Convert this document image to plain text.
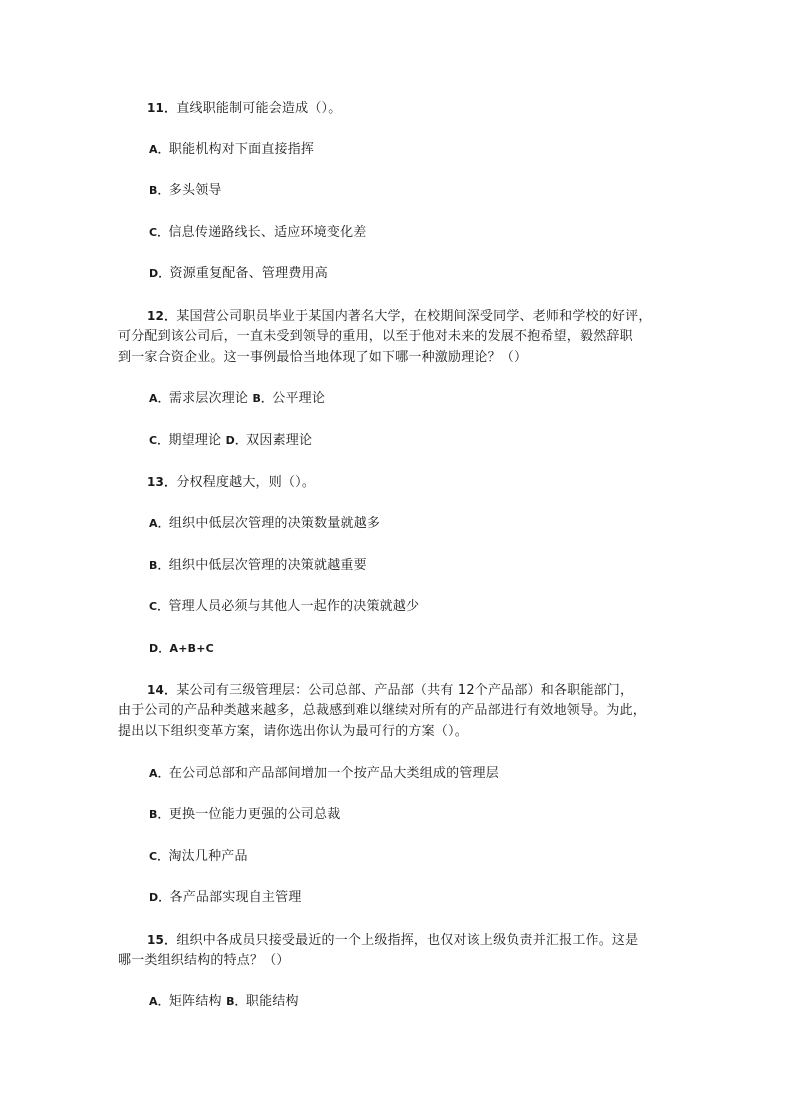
11．直线职能制可能会造成（）。
A．职能机构对下面直接指挥
B．多头领导
C．信息传递路线长、适应环境变化差
D．资源重复配备、管理费用高
12．某国营公司职员毕业于某国内著名大学，在校期间深受同学、老师和学校的好评，
可分配到该公司后，一直未受到领导的重用，以至于他对未来的发展不抱希望，毅然辞职
到一家合资企业。这一事例最恰当地体现了如下哪一种激励理论？（）
A．需求层次理论 B．公平理论
C．期望理论 D．双因素理论
13．分权程度越大，则（）。
A．组织中低层次管理的决策数量就越多
B．组织中低层次管理的决策就越重要
C．管理人员必须与其他人一起作的决策就越少
D．A+B+C
14．某公司有三级管理层：公司总部、产品部（共有 12个产品部）和各职能部门，
由于公司的产品种类越来越多，总裁感到难以继续对所有的产品部进行有效地领导。为此，
提出以下组织变革方案，请你选出你认为最可行的方案（）。
A．在公司总部和产品部间增加一个按产品大类组成的管理层
B．更换一位能力更强的公司总裁
C．淘汰几种产品
D．各产品部实现自主管理
15．组织中各成员只接受最近的一个上级指挥，也仅对该上级负责并汇报工作。这是
哪一类组织结构的特点？（）
A．矩阵结构 B．职能结构
